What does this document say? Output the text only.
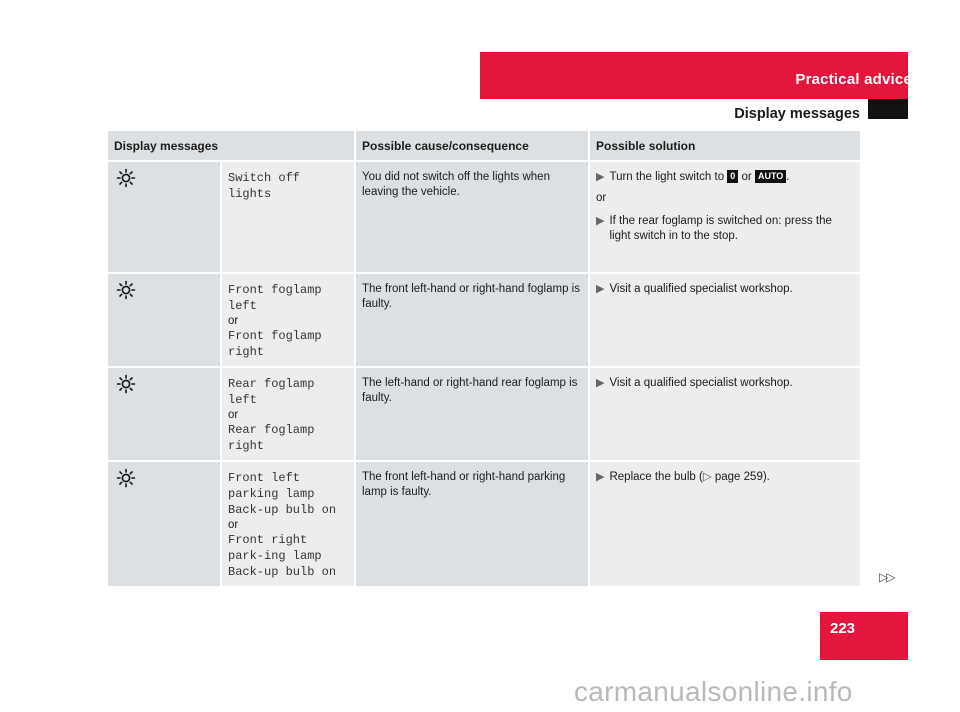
Practical advice
Display messages
Display messages		Possible cause/consequence	Possible solution
	Switch off lights	You did not switch off the lights when leaving the vehicle.	▶ Turn the light switch to 0 or AUTO .
or
▶ If the rear foglamp is switched on: press the light switch in to the stop.

	Front foglamp left
or
Front foglamp right	The front left-hand or right-hand foglamp is faulty.	▶ Visit a qualified specialist workshop.

	Rear foglamp left
or
Rear foglamp right	The left-hand or right-hand rear foglamp is faulty.	▶ Visit a qualified specialist workshop.

	Front left parking lamp Back-up bulb on
or
Front right park-ing lamp Back-up bulb on	The front left-hand or right-hand parking lamp is faulty.	▶ Replace the bulb (▷ page 259).
▷▷
223
carmanualsonline.info
